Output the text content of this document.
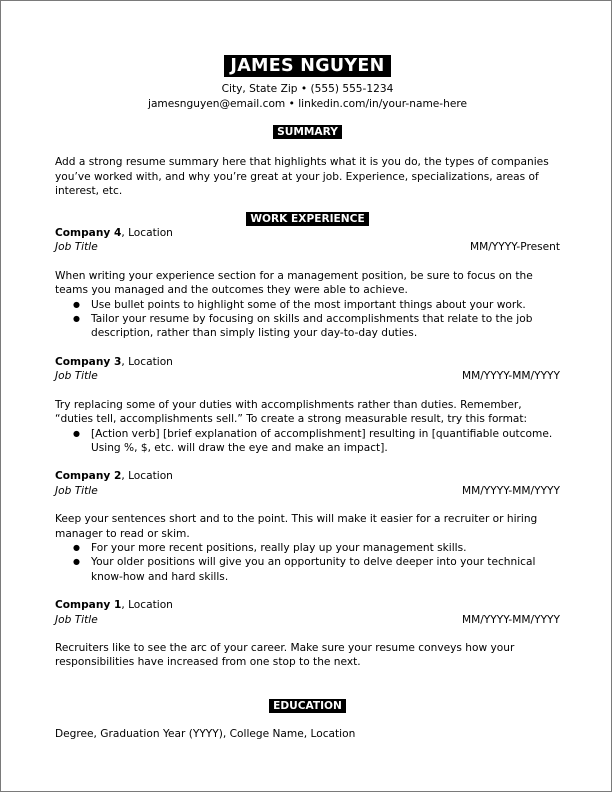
JAMES NGUYEN
City, State Zip • (555) 555-1234
jamesnguyen@email.com • linkedin.com/in/your-name-here
SUMMARY

Add a strong resume summary here that highlights what it is you do, the types of companies you’ve worked with, and why you’re great at your job. Experience, specializations, areas of interest, etc.

WORK EXPERIENCE
Company 4, Location
Job Title	MM/YYYY-Present

When writing your experience section for a management position, be sure to focus on the teams you managed and the outcomes they were able to achieve.

● Use bullet points to highlight some of the most important things about your work.
● Tailor your resume by focusing on skills and accomplishments that relate to the job description, rather than simply listing your day-to-day duties.
Company 3, Location
Job Title	MM/YYYY-MM/YYYY

Try replacing some of your duties with accomplishments rather than duties. Remember, “duties tell, accomplishments sell.” To create a strong measurable result, try this format:

● [Action verb] [brief explanation of accomplishment] resulting in [quantifiable outcome. Using %, $, etc. will draw the eye and make an impact].
Company 2, Location
Job Title	MM/YYYY-MM/YYYY

Keep your sentences short and to the point. This will make it easier for a recruiter or hiring manager to read or skim.

● For your more recent positions, really play up your management skills.
● Your older positions will give you an opportunity to delve deeper into your technical know-how and hard skills.
Company 1, Location
Job Title	MM/YYYY-MM/YYYY

Recruiters like to see the arc of your career. Make sure your resume conveys how your responsibilities have increased from one stop to the next.

EDUCATION

Degree, Graduation Year (YYYY), College Name, Location
